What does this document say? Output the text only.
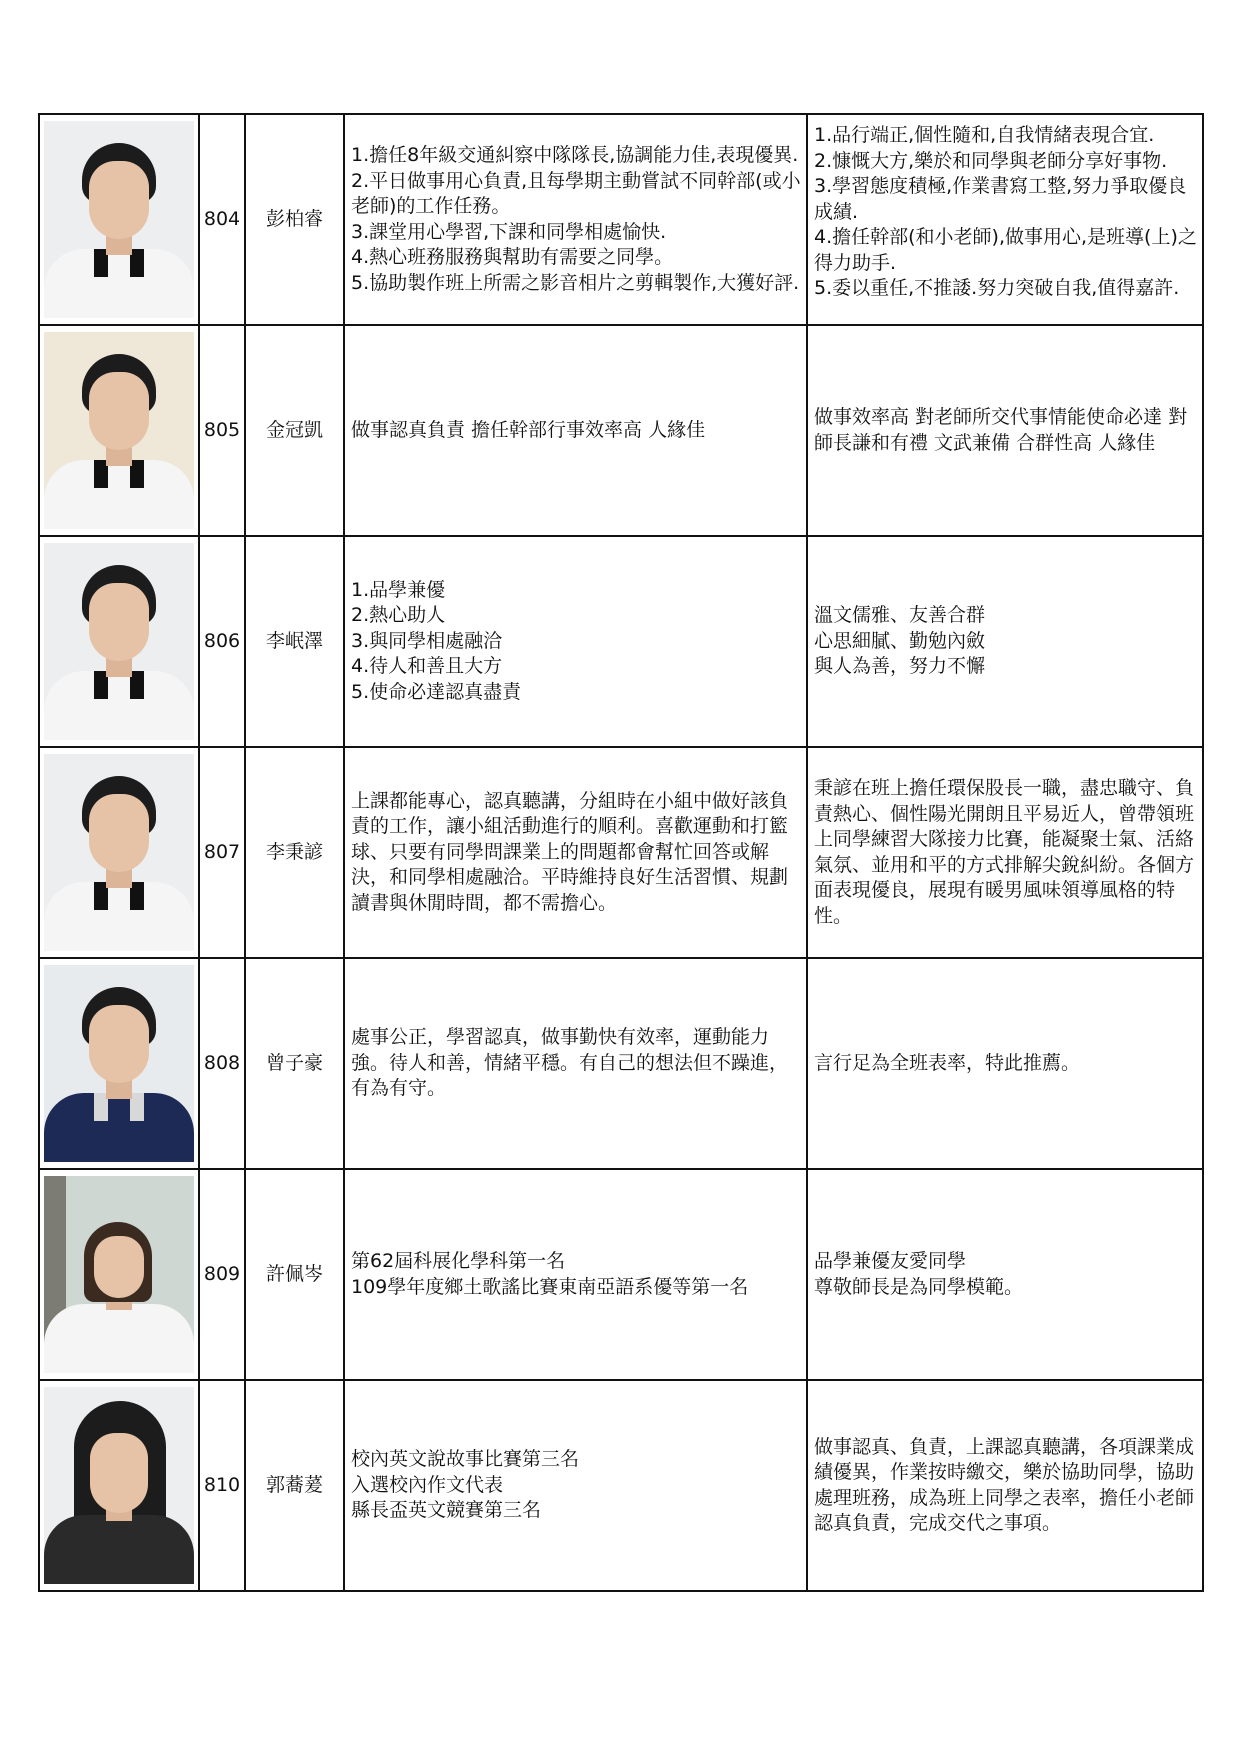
	804	彭柏睿	1.擔任8年級交通糾察中隊隊長,協調能力佳,表現優異.
2.平日做事用心負責,且每學期主動嘗試不同幹部(或小老師)的工作任務。
3.課堂用心學習,下課和同學相處愉快.
4.熱心班務服務與幫助有需要之同學。
5.協助製作班上所需之影音相片之剪輯製作,大獲好評.	1.品行端正,個性隨和,自我情緒表現合宜.
2.慷慨大方,樂於和同學與老師分享好事物.
3.學習態度積極,作業書寫工整,努力爭取優良成績.
4.擔任幹部(和小老師),做事用心,是班導(上)之得力助手.
5.委以重任,不推諉.努力突破自我,值得嘉許.

	805	金冠凱	做事認真負責 擔任幹部行事效率高 人緣佳	做事效率高 對老師所交代事情能使命必達 對師長謙和有禮 文武兼備 合群性高 人緣佳

	806	李岷澤	1.品學兼優
2.熱心助人
3.與同學相處融洽
4.待人和善且大方
5.使命必達認真盡責	溫文儒雅、友善合群
心思細膩、勤勉內斂
與人為善，努力不懈

	807	李秉諺	上課都能專心，認真聽講，分組時在小組中做好該負責的工作，讓小組活動進行的順利。喜歡運動和打籃球、只要有同學問課業上的問題都會幫忙回答或解決，和同學相處融洽。平時維持良好生活習慣、規劃讀書與休閒時間，都不需擔心。	秉諺在班上擔任環保股長一職，盡忠職守、負責熱心、個性陽光開朗且平易近人，曾帶領班上同學練習大隊接力比賽，能凝聚士氣、活絡氣氛、並用和平的方式排解尖銳糾紛。各個方面表現優良，展現有暖男風味領導風格的特性。

	808	曾子豪	處事公正，學習認真，做事勤快有效率，運動能力強。待人和善，情緒平穩。有自己的想法但不躁進，有為有守。	言行足為全班表率，特此推薦。

	809	許佩岑	第62屆科展化學科第一名
109學年度鄉土歌謠比賽東南亞語系優等第一名	品學兼優友愛同學
尊敬師長是為同學模範。

	810	郭蕎萲	校內英文說故事比賽第三名
入選校內作文代表
縣長盃英文競賽第三名	做事認真、負責，上課認真聽講，各項課業成績優異，作業按時繳交，樂於協助同學，協助處理班務，成為班上同學之表率，擔任小老師認真負責，完成交代之事項。
